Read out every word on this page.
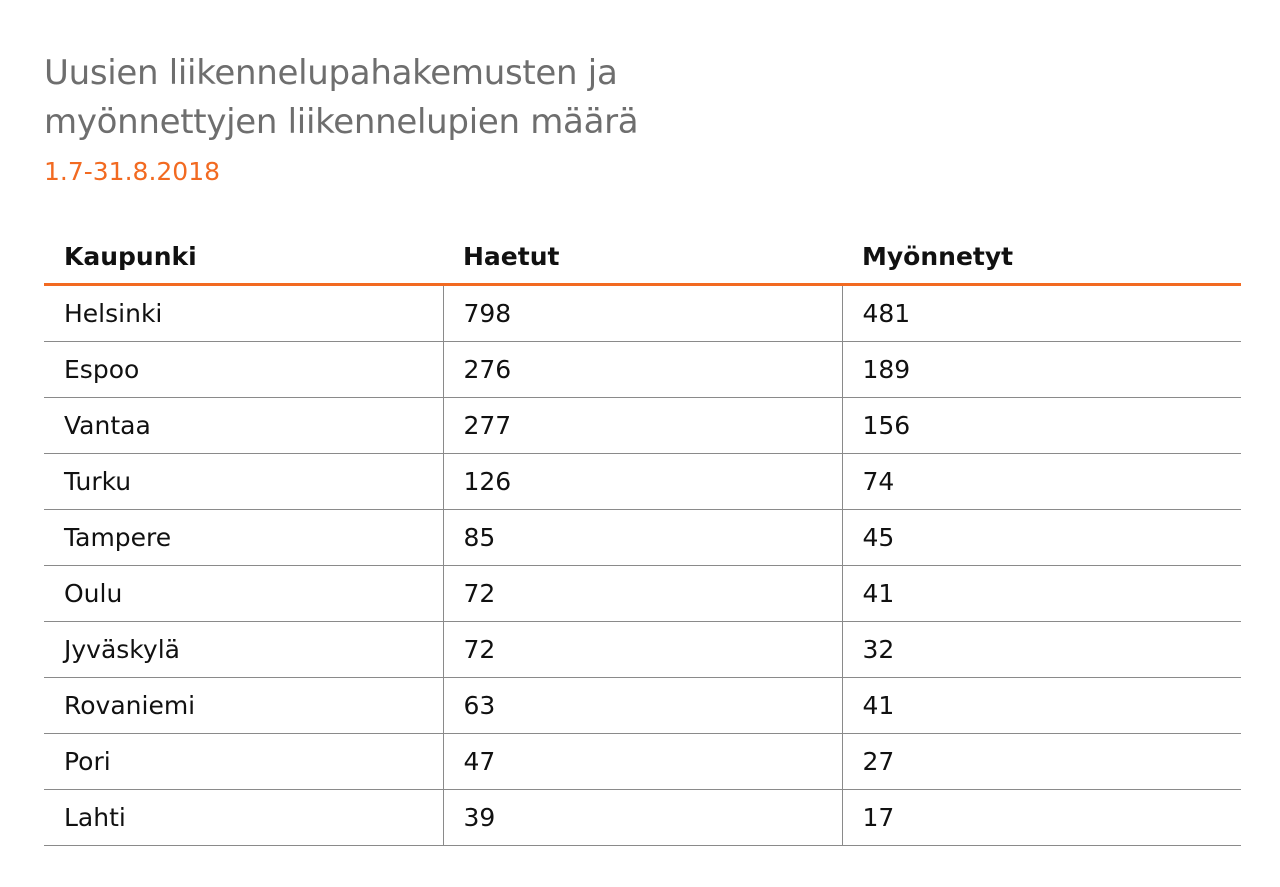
Uusien liikennelupahakemusten ja
myönnettyjen liikennelupien määrä
1.7-31.8.2018
Kaupunki	Haetut	Myönnetyt
Helsinki	798	481
Espoo	276	189
Vantaa	277	156
Turku	126	74
Tampere	85	45
Oulu	72	41
Jyväskylä	72	32
Rovaniemi	63	41
Pori	47	27
Lahti	39	17
